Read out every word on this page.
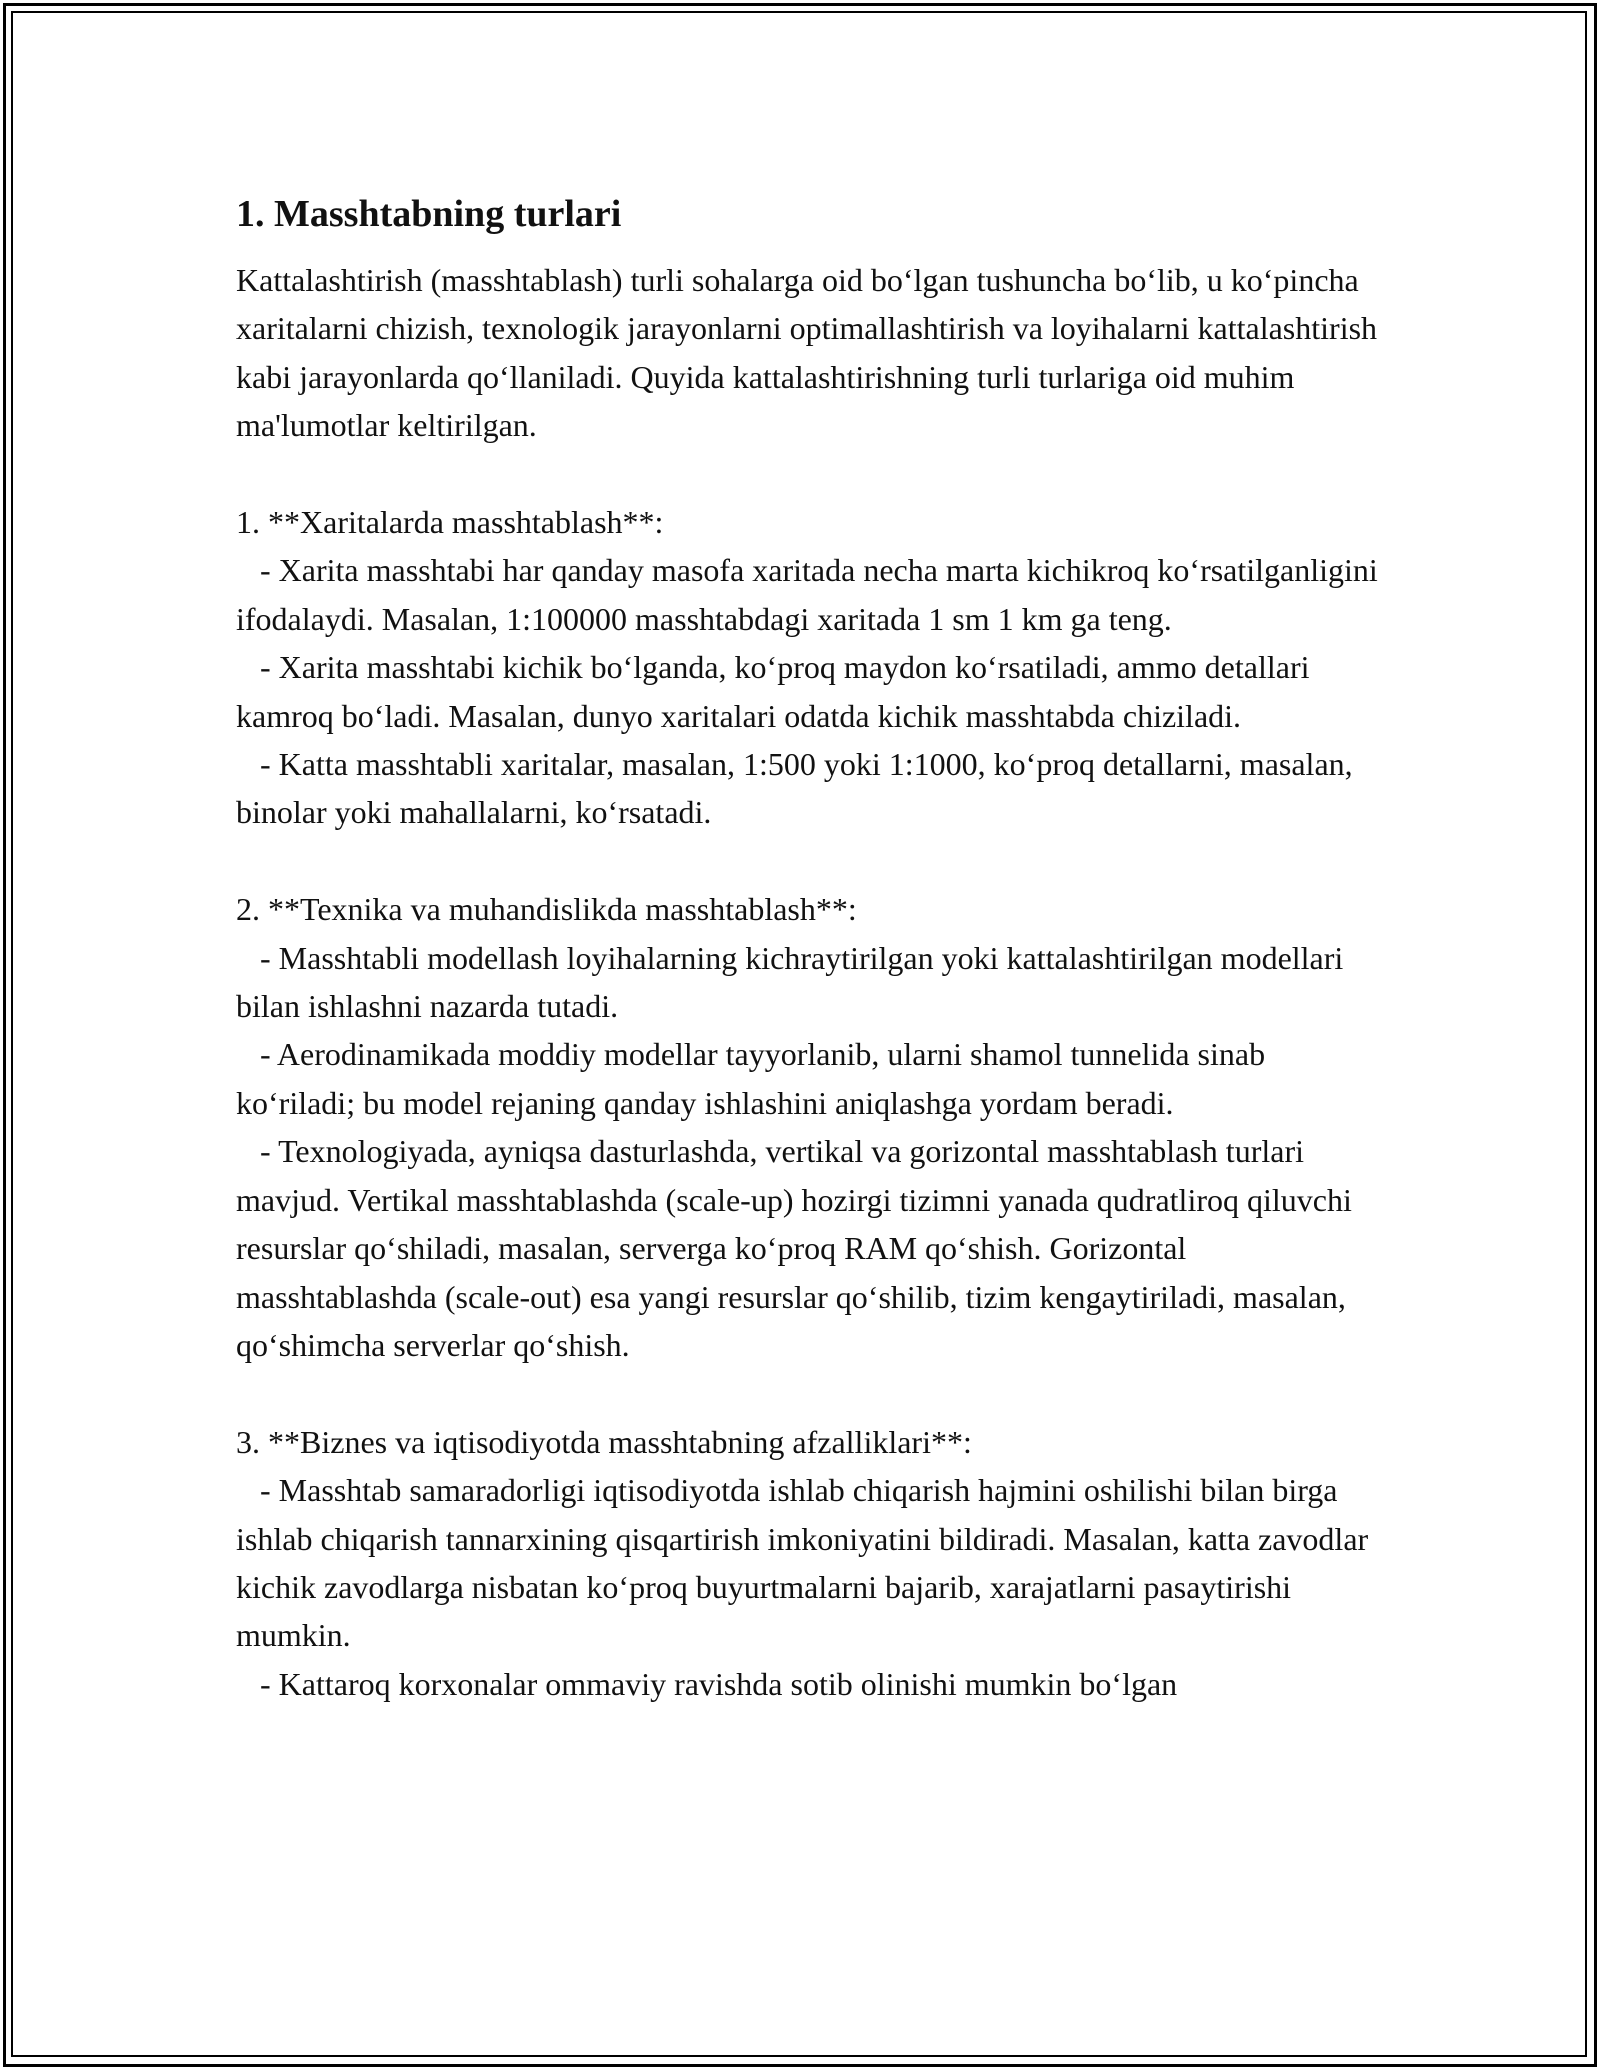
1. Masshtabning turlari

Kattalashtirish (masshtablash) turli sohalarga oid bo‘lgan tushuncha bo‘lib, u ko‘pincha xaritalarni chizish, texnologik jarayonlarni optimallashtirish va loyihalarni kattalashtirish kabi jarayonlarda qo‘llaniladi. Quyida kattalashtirishning turli turlariga oid muhim ma'lumotlar keltirilgan.

1. **Xaritalarda masshtablash**:

- Xarita masshtabi har qanday masofa xaritada necha marta kichikroq ko‘rsatilganligini ifodalaydi. Masalan, 1:100000 masshtabdagi xaritada 1 sm 1 km ga teng.

- Xarita masshtabi kichik bo‘lganda, ko‘proq maydon ko‘rsatiladi, ammo detallari kamroq bo‘ladi. Masalan, dunyo xaritalari odatda kichik masshtabda chiziladi.

- Katta masshtabli xaritalar, masalan, 1:500 yoki 1:1000, ko‘proq detallarni, masalan, binolar yoki mahallalarni, ko‘rsatadi.

2. **Texnika va muhandislikda masshtablash**:

- Masshtabli modellash loyihalarning kichraytirilgan yoki kattalashtirilgan modellari bilan ishlashni nazarda tutadi.

- Aerodinamikada moddiy modellar tayyorlanib, ularni shamol tunnelida sinab ko‘riladi; bu model rejaning qanday ishlashini aniqlashga yordam beradi.

- Texnologiyada, ayniqsa dasturlashda, vertikal va gorizontal masshtablash turlari mavjud. Vertikal masshtablashda (scale-up) hozirgi tizimni yanada qudratliroq qiluvchi resurslar qo‘shiladi, masalan, serverga ko‘proq RAM qo‘shish. Gorizontal masshtablashda (scale-out) esa yangi resurslar qo‘shilib, tizim kengaytiriladi, masalan, qo‘shimcha serverlar qo‘shish.

3. **Biznes va iqtisodiyotda masshtabning afzalliklari**:

- Masshtab samaradorligi iqtisodiyotda ishlab chiqarish hajmini oshilishi bilan birga ishlab chiqarish tannarxining qisqartirish imkoniyatini bildiradi. Masalan, katta zavodlar kichik zavodlarga nisbatan ko‘proq buyurtmalarni bajarib, xarajatlarni pasaytirishi mumkin.

- Kattaroq korxonalar ommaviy ravishda sotib olinishi mumkin bo‘lgan
